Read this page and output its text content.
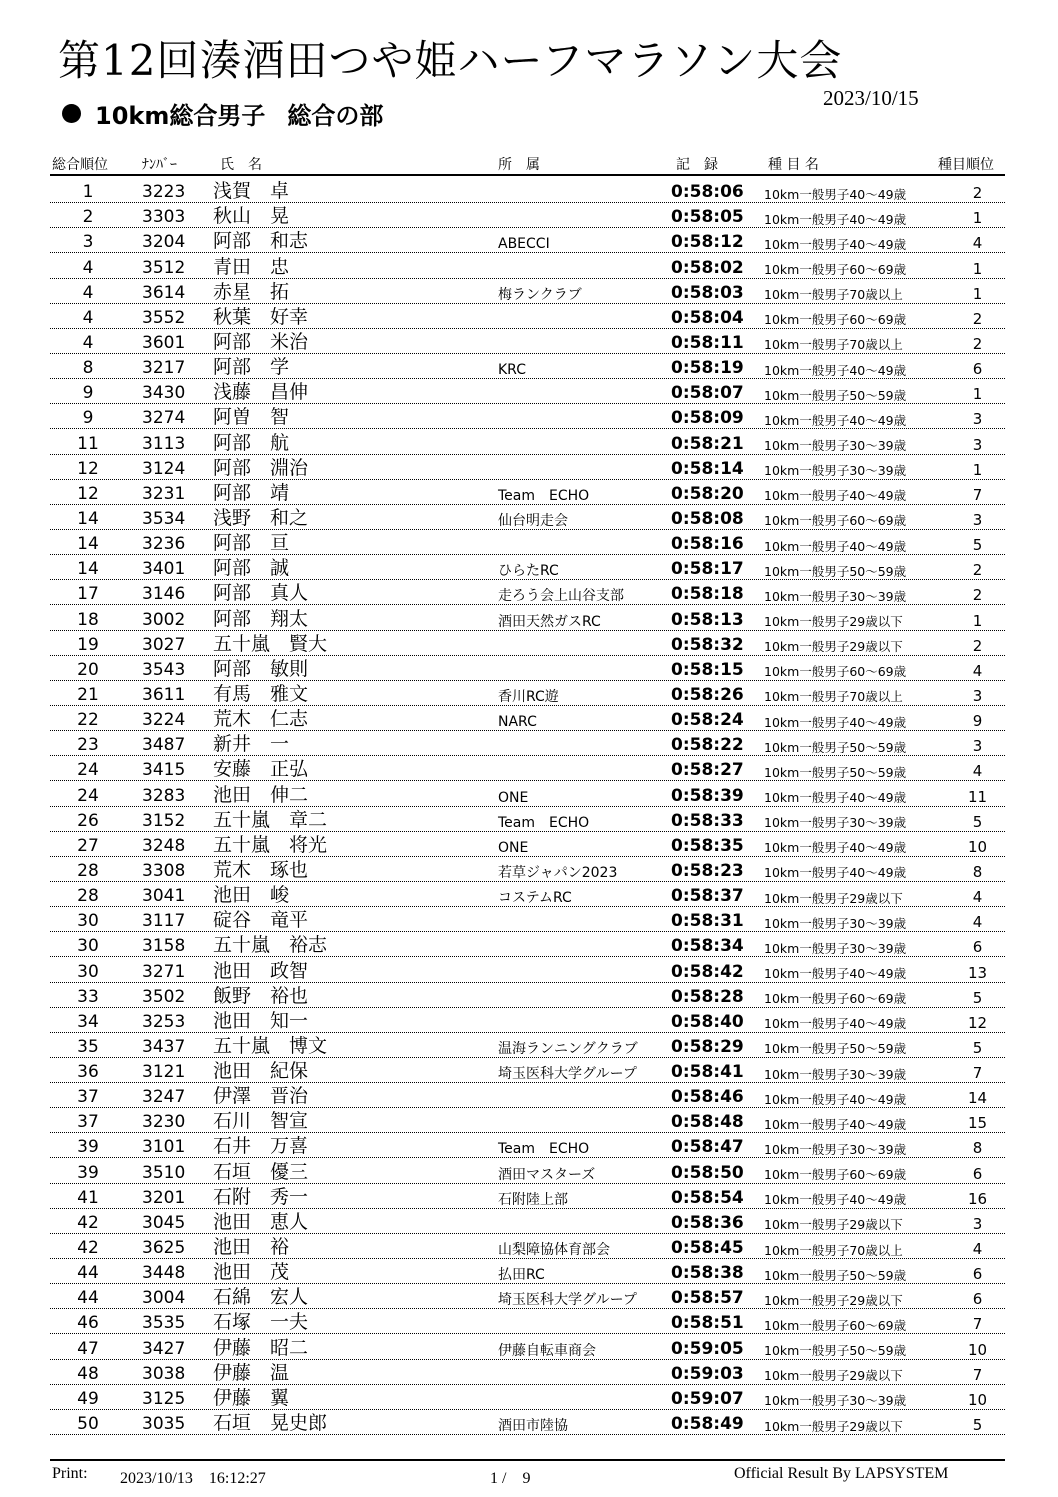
第12回湊酒田つや姫ハーフマラソン大会
2023/10/15
10km総合男子 総合の部
総合順位 ﾅﾝﾊﾞｰ	氏　名	所　属	記　録	種 目 名	種目順位
1	3223 浅賀　卓	0:58:06 10km一般男子40～49歳	2
2	3303 秋山　晃	0:58:05 10km一般男子40～49歳	1
3	3204 阿部　和志	ABECCI	0:58:12 10km一般男子40～49歳	4
4	3512 青田　忠	0:58:02 10km一般男子60～69歳	1
4	3614 赤星　拓	梅ランクラブ	0:58:03 10km一般男子70歳以上	1
4	3552 秋葉　好幸	0:58:04 10km一般男子60～69歳	2
4	3601 阿部　米治	0:58:11 10km一般男子70歳以上	2
8	3217 阿部　学	KRC	0:58:19 10km一般男子40～49歳	6
9	3430 浅藤　昌伸	0:58:07 10km一般男子50～59歳	1
9	3274 阿曽　智	0:58:09 10km一般男子40～49歳	3
11	3113 阿部　航	0:58:21 10km一般男子30～39歳	3
12	3124 阿部　淵治	0:58:14 10km一般男子30～39歳	1
12	3231 阿部　靖	Team　ECHO	0:58:20 10km一般男子40～49歳	7
14	3534 浅野　和之	仙台明走会	0:58:08 10km一般男子60～69歳	3
14	3236 阿部　亘	0:58:16 10km一般男子40～49歳	5
14	3401 阿部　誠	ひらたRC	0:58:17 10km一般男子50～59歳	2
17	3146 阿部　真人	走ろう会上山谷支部	0:58:18 10km一般男子30～39歳	2
18	3002 阿部　翔太	酒田天然ガスRC	0:58:13 10km一般男子29歳以下	1
19	3027 五十嵐　賢大	0:58:32 10km一般男子29歳以下	2
20	3543 阿部　敏則	0:58:15 10km一般男子60～69歳	4
21	3611 有馬　雅文	香川RC遊	0:58:26 10km一般男子70歳以上	3
22	3224 荒木　仁志	NARC	0:58:24 10km一般男子40～49歳	9
23	3487 新井　一	0:58:22 10km一般男子50～59歳	3
24	3415 安藤　正弘	0:58:27 10km一般男子50～59歳	4
24	3283 池田　伸二	ONE	0:58:39 10km一般男子40～49歳	11
26	3152 五十嵐　章二	Team　ECHO	0:58:33 10km一般男子30～39歳	5
27	3248 五十嵐　将光	ONE	0:58:35 10km一般男子40～49歳	10
28	3308 荒木　琢也	若草ジャパン2023	0:58:23 10km一般男子40～49歳	8
28	3041 池田　峻	コステムRC	0:58:37 10km一般男子29歳以下	4
30	3117 碇谷　竜平	0:58:31 10km一般男子30～39歳	4
30	3158 五十嵐　裕志	0:58:34 10km一般男子30～39歳	6
30	3271 池田　政智	0:58:42 10km一般男子40～49歳	13
33	3502 飯野　裕也	0:58:28 10km一般男子60～69歳	5
34	3253 池田　知一	0:58:40 10km一般男子40～49歳	12
35	3437 五十嵐　博文	温海ランニングクラブ 0:58:29 10km一般男子50～59歳	5
36	3121 池田　紀保	埼玉医科大学グループ 0:58:41 10km一般男子30～39歳	7
37	3247 伊澤　晋治	0:58:46 10km一般男子40～49歳	14
37	3230 石川　智宣	0:58:48 10km一般男子40～49歳	15
39	3101 石井　万喜	Team　ECHO	0:58:47 10km一般男子30～39歳	8
39	3510 石垣　優三	酒田マスターズ	0:58:50 10km一般男子60～69歳	6
41	3201 石附　秀一	石附陸上部	0:58:54 10km一般男子40～49歳	16
42	3045 池田　恵人	0:58:36 10km一般男子29歳以下	3
42	3625 池田　裕	山梨障協体育部会	0:58:45 10km一般男子70歳以上	4
44	3448 池田　茂	払田RC	0:58:38 10km一般男子50～59歳	6
44	3004 石綿　宏人	埼玉医科大学グループ 0:58:57 10km一般男子29歳以下	6
46	3535 石塚　一夫	0:58:51 10km一般男子60～69歳	7
47	3427 伊藤　昭二	伊藤自転車商会	0:59:05 10km一般男子50～59歳	10
48	3038 伊藤　温	0:59:03 10km一般男子29歳以下	7
49	3125 伊藤　翼	0:59:07 10km一般男子30～39歳	10
50	3035 石垣　晃史郎	酒田市陸協	0:58:49 10km一般男子29歳以下	5
Print: 2023/10/13　16:12:27	1 /　9	Official Result By LAPSYSTEM
